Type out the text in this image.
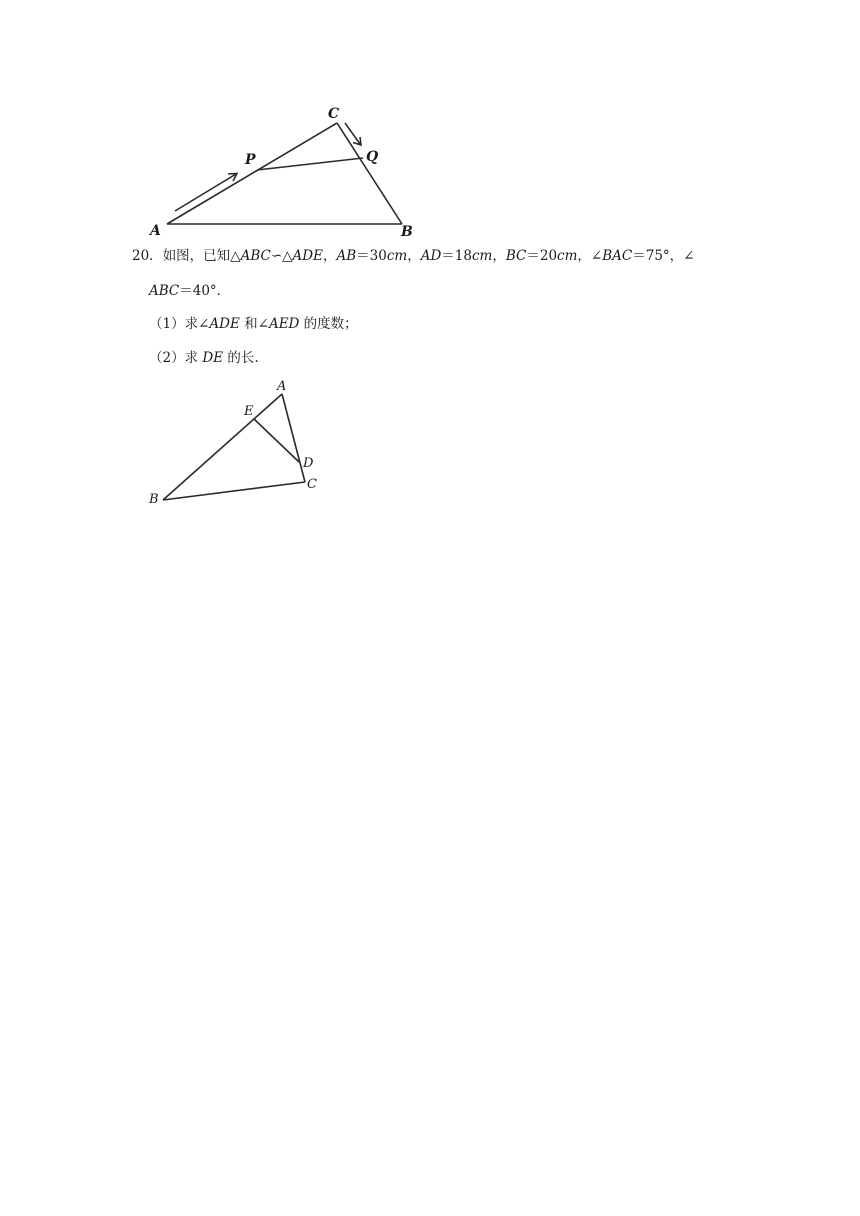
A	B
C
P	Q
20．如图，已知△ABC∽△ADE，AB＝30cm，AD＝18cm，BC＝20cm，∠BAC＝75°，∠
ABC＝40°．
（1）求∠ADE 和∠AED 的度数；
（2）求 DE 的长.
A
B
C
D
E
